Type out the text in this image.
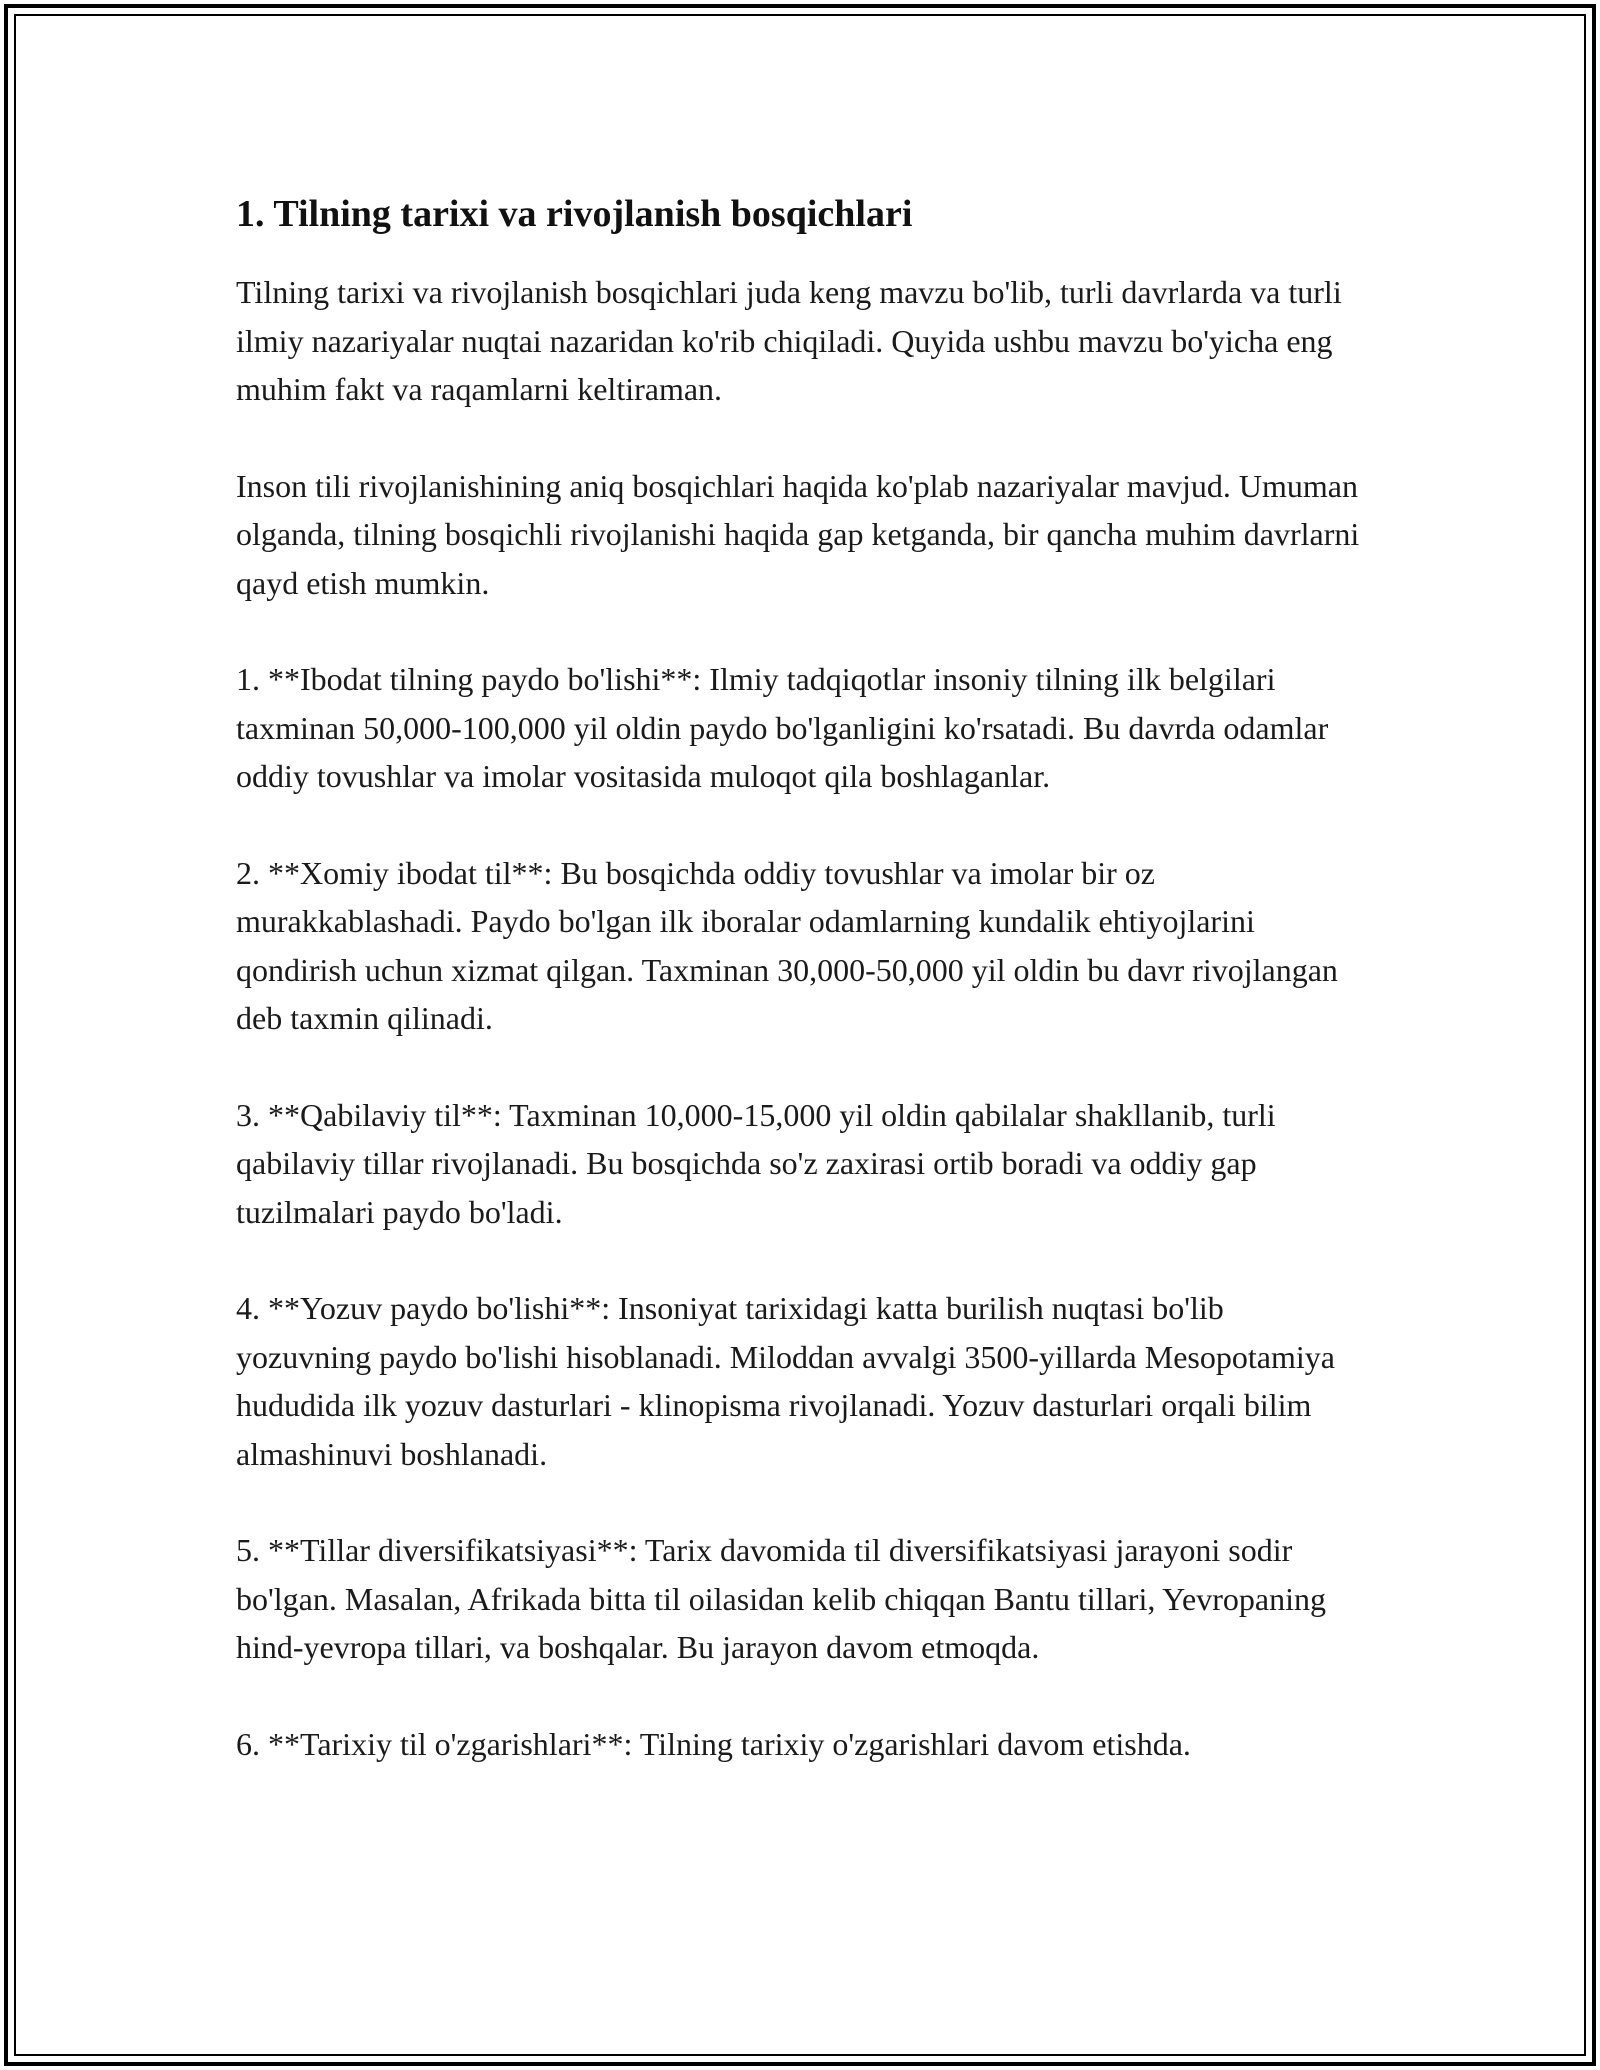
1. Tilning tarixi va rivojlanish bosqichlari

Tilning tarixi va rivojlanish bosqichlari juda keng mavzu bo'lib, turli davrlarda va turli ilmiy nazariyalar nuqtai nazaridan ko'rib chiqiladi. Quyida ushbu mavzu bo'yicha eng muhim fakt va raqamlarni keltiraman.

Inson tili rivojlanishining aniq bosqichlari haqida ko'plab nazariyalar mavjud. Umuman olganda, tilning bosqichli rivojlanishi haqida gap ketganda, bir qancha muhim davrlarni qayd etish mumkin.

1. **Ibodat tilning paydo bo'lishi**: Ilmiy tadqiqotlar insoniy tilning ilk belgilari taxminan 50,000-100,000 yil oldin paydo bo'lganligini ko'rsatadi. Bu davrda odamlar oddiy tovushlar va imolar vositasida muloqot qila boshlaganlar.

2. **Xomiy ibodat til**: Bu bosqichda oddiy tovushlar va imolar bir oz murakkablashadi. Paydo bo'lgan ilk iboralar odamlarning kundalik ehtiyojlarini qondirish uchun xizmat qilgan. Taxminan 30,000-50,000 yil oldin bu davr rivojlangan deb taxmin qilinadi.

3. **Qabilaviy til**: Taxminan 10,000-15,000 yil oldin qabilalar shakllanib, turli qabilaviy tillar rivojlanadi. Bu bosqichda so'z zaxirasi ortib boradi va oddiy gap tuzilmalari paydo bo'ladi.

4. **Yozuv paydo bo'lishi**: Insoniyat tarixidagi katta burilish nuqtasi bo'lib yozuvning paydo bo'lishi hisoblanadi. Miloddan avvalgi 3500-yillarda Mesopotamiya hududida ilk yozuv dasturlari - klinopisma rivojlanadi. Yozuv dasturlari orqali bilim almashinuvi boshlanadi.

5. **Tillar diversifikatsiyasi**: Tarix davomida til diversifikatsiyasi jarayoni sodir bo'lgan. Masalan, Afrikada bitta til oilasidan kelib chiqqan Bantu tillari, Yevropaning hind-yevropa tillari, va boshqalar. Bu jarayon davom etmoqda.

6. **Tarixiy til o'zgarishlari**: Tilning tarixiy o'zgarishlari davom etishda.
